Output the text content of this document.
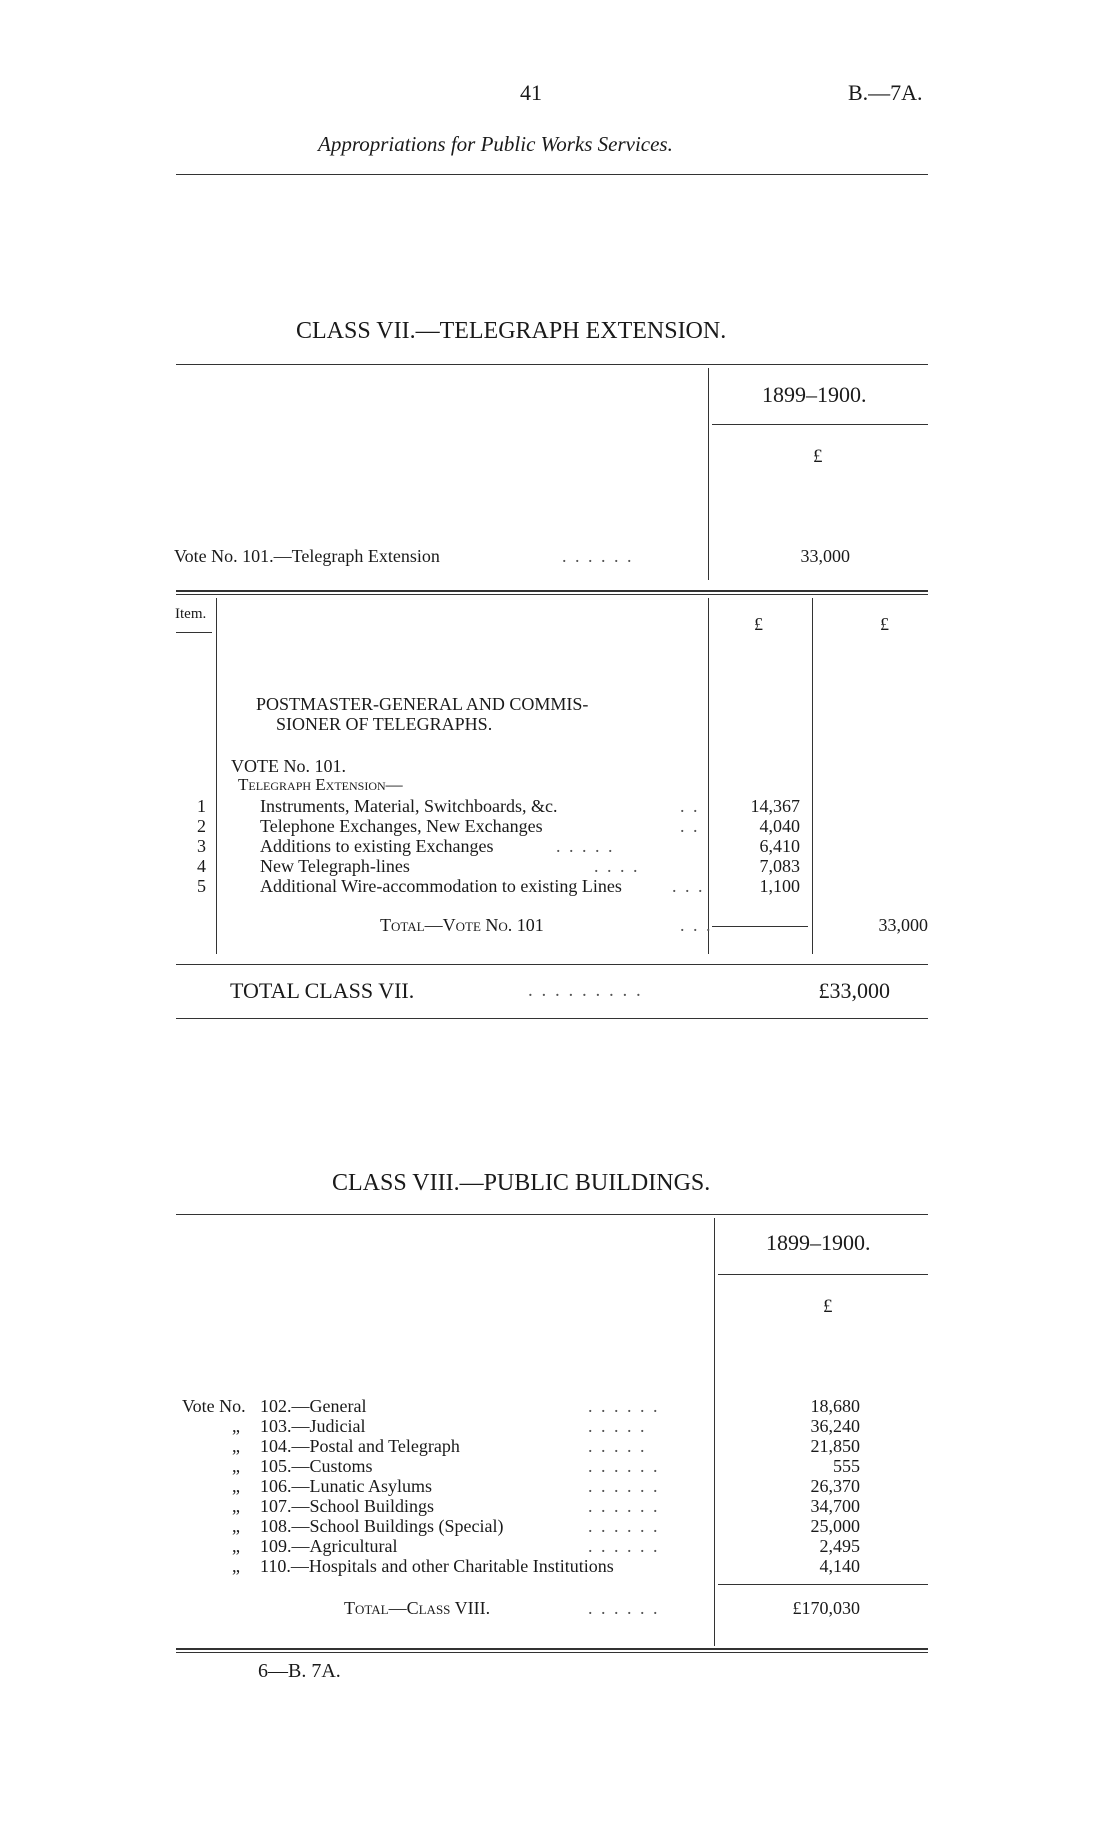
41	B.—7A.
Appropriations for Public Works Services.
CLASS VII.—TELEGRAPH EXTENSION.
1899–1900.
£
Vote No. 101.—Telegraph Extension	. . . . . .	33,000
Item.	£	£
POSTMASTER-GENERAL AND COMMIS-
SIONER OF TELEGRAPHS.
VOTE No. 101.
Telegraph Extension—
1	Instruments, Material, Switchboards, &c.	. .	14,367
2	Telephone Exchanges, New Exchanges	. .	4,040
3	Additions to existing Exchanges	. . . . .	6,410
4	New Telegraph-lines	. . . .	7,083
5	Additional Wire-accommodation to existing Lines	. . .	1,100
Total—Vote No. 101	. . .	33,000
TOTAL CLASS VII.	. . . . . . . . .	£33,000
CLASS VIII.—PUBLIC BUILDINGS.
1899–1900.
£
Vote No. 102.—General	. . . . . .	18,680
„ 103.—Judicial	. . . . .	36,240
„ 104.—Postal and Telegraph	. . . . .	21,850
„ 105.—Customs	. . . . . .	555
„ 106.—Lunatic Asylums	. . . . . .	26,370
„ 107.—School Buildings	. . . . . .	34,700
„ 108.—School Buildings (Special)	. . . . . .	25,000
„ 109.—Agricultural	. . . . . .	2,495
„ 110.—Hospitals and other Charitable Institutions	4,140
Total—Class VIII.	. . . . . .	£170,030
6—B. 7A.
